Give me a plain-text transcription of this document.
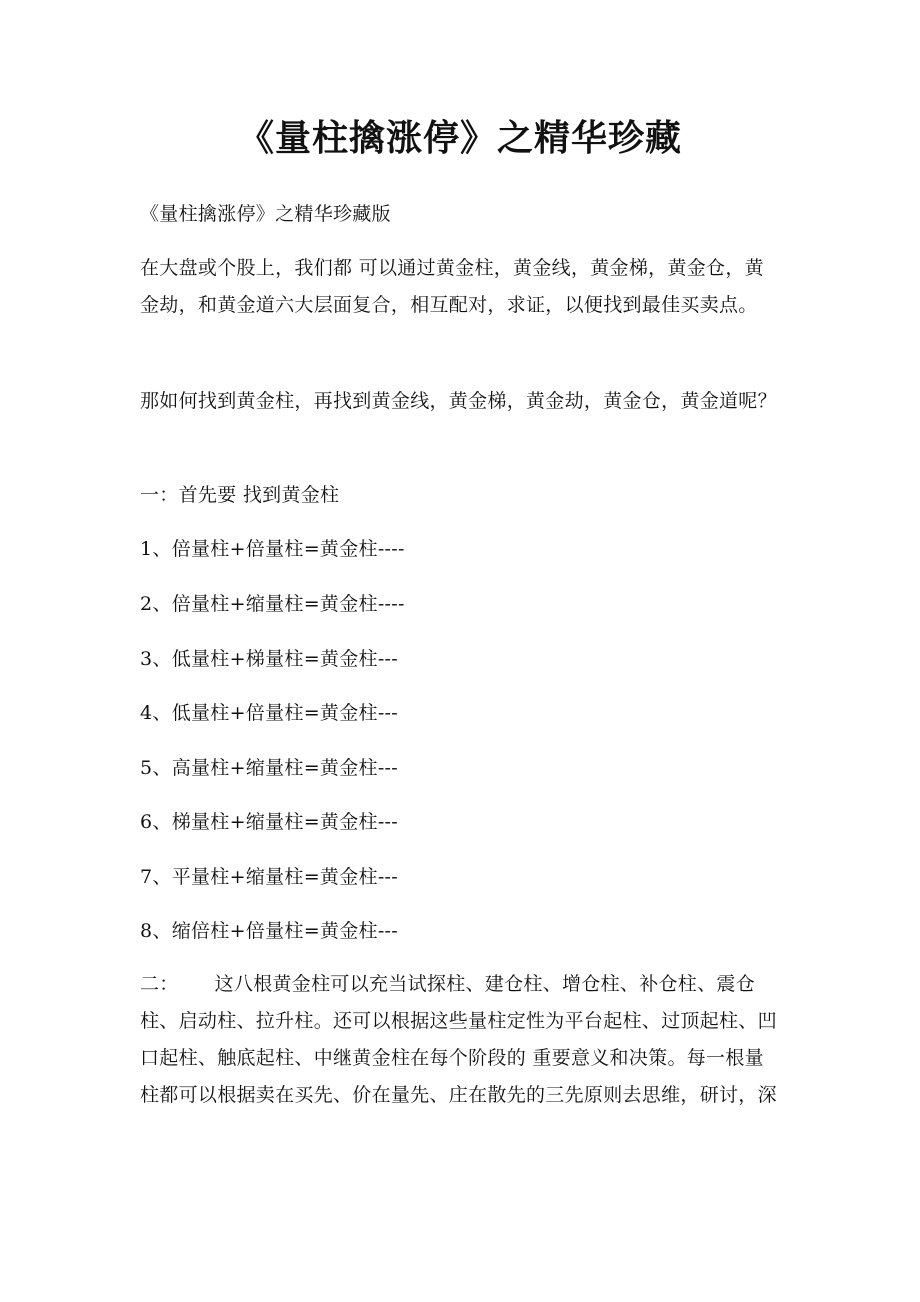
《量柱擒涨停》之精华珍藏

《量柱擒涨停》之精华珍藏版

在大盘或个股上，我们都 可以通过黄金柱，黄金线，黄金梯，黄金仓，黄金劫，和黄金道六大层面复合，相互配对，求证，以便找到最佳买卖点。

那如何找到黄金柱，再找到黄金线，黄金梯，黄金劫，黄金仓，黄金道呢？

一：首先要 找到黄金柱

1、倍量柱+倍量柱=黄金柱----

2、倍量柱+缩量柱=黄金柱----

3、低量柱+梯量柱=黄金柱---

4、低量柱+倍量柱=黄金柱---

5、高量柱+缩量柱=黄金柱---

6、梯量柱+缩量柱=黄金柱---

7、平量柱+缩量柱=黄金柱---

8、缩倍柱+倍量柱=黄金柱---

二： 这八根黄金柱可以充当试探柱、建仓柱、增仓柱、补仓柱、震仓柱、启动柱、拉升柱。还可以根据这些量柱定性为平台起柱、过顶起柱、凹口起柱、触底起柱、中继黄金柱在每个阶段的 重要意义和决策。每一根量柱都可以根据卖在买先、价在量先、庄在散先的三先原则去思维，研讨，深
